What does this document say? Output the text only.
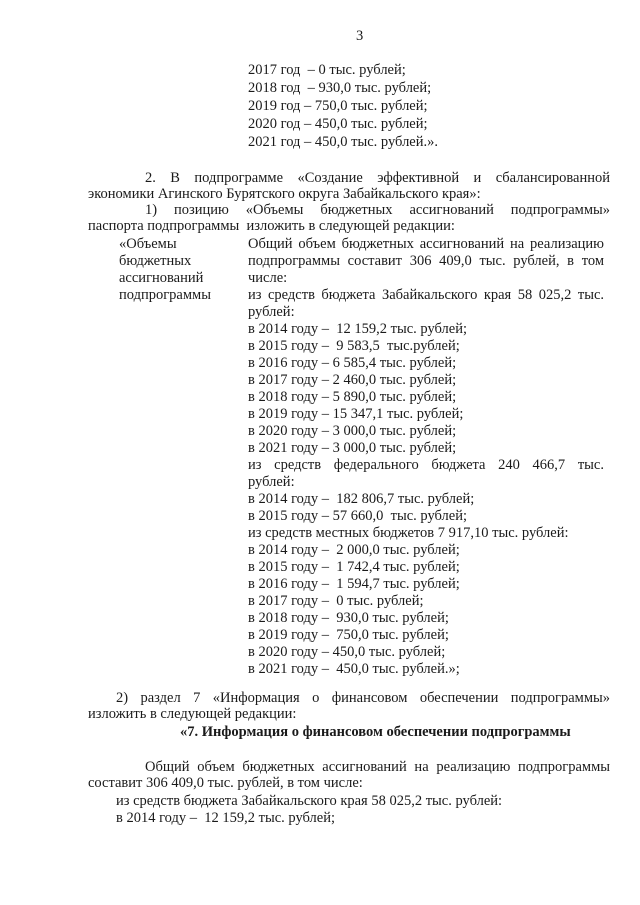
3
2017 год  – 0 тыс. рублей;
2018 год  – 930,0 тыс. рублей;
2019 год – 750,0 тыс. рублей;
2020 год – 450,0 тыс. рублей;
2021 год – 450,0 тыс. рублей.».
2. В подпрограмме «Создание эффективной и сбалансированной
экономики Агинского Бурятского округа Забайкальского края»:
1) позицию «Объемы бюджетных ассигнований подпрограммы»
паспорта подпрограммы  изложить в следующей редакции:
«Объемы
бюджетных
ассигнований
подпрограммы
Общий объем бюджетных ассигнований на реализацию
подпрограммы составит 306 409,0 тыс. рублей, в том
числе:
из средств бюджета Забайкальского края 58 025,2 тыс.
рублей:
в 2014 году –  12 159,2 тыс. рублей;
в 2015 году –  9 583,5  тыс.рублей;
в 2016 году – 6 585,4 тыс. рублей;
в 2017 году – 2 460,0 тыс. рублей;
в 2018 году – 5 890,0 тыс. рублей;
в 2019 году – 15 347,1 тыс. рублей;
в 2020 году – 3 000,0 тыс. рублей;
в 2021 году – 3 000,0 тыс. рублей;
из средств федерального бюджета 240 466,7 тыс.
рублей:
в 2014 году –  182 806,7 тыс. рублей;
в 2015 году – 57 660,0  тыс. рублей;
из средств местных бюджетов 7 917,10 тыс. рублей:
в 2014 году –  2 000,0 тыс. рублей;
в 2015 году –  1 742,4 тыс. рублей;
в 2016 году –  1 594,7 тыс. рублей;
в 2017 году –  0 тыс. рублей;
в 2018 году –  930,0 тыс. рублей;
в 2019 году –  750,0 тыс. рублей;
в 2020 году – 450,0 тыс. рублей;
в 2021 году –  450,0 тыс. рублей.»;
2) раздел 7 «Информация о финансовом обеспечении подпрограммы»
изложить в следующей редакции:
«7. Информация о финансовом обеспечении подпрограммы
Общий объем бюджетных ассигнований на реализацию подпрограммы
составит 306 409,0 тыс. рублей, в том числе:
из средств бюджета Забайкальского края 58 025,2 тыс. рублей:
в 2014 году –  12 159,2 тыс. рублей;
